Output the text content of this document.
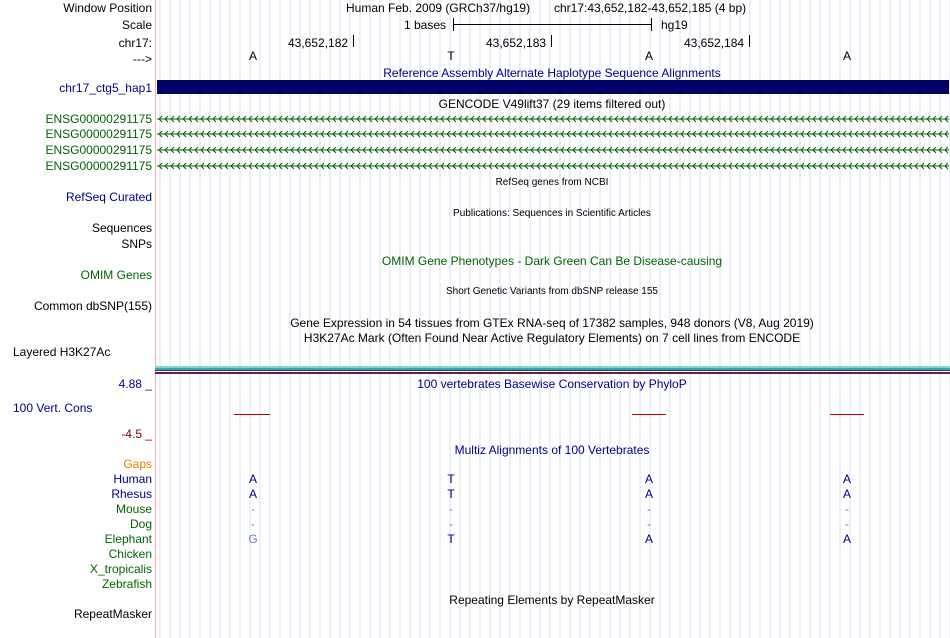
Window Position	Human Feb. 2009 (GRCh37/hg19) chr17:43,652,182-43,652,185 (4 bp)
Scale	1 bases	hg19
chr17:	43,652,182	43,652,183	43,652,184
--->	A	T	A	A
Reference Assembly Alternate Haplotype Sequence Alignments
chr17_ctg5_hap1
GENCODE V49lift37 (29 items filtered out)
ENSG00000291175
ENSG00000291175
ENSG00000291175
ENSG00000291175
RefSeq genes from NCBI
RefSeq Curated
Publications: Sequences in Scientific Articles
Sequences
SNPs
OMIM Gene Phenotypes - Dark Green Can Be Disease-causing
OMIM Genes
Short Genetic Variants from dbSNP release 155
Common dbSNP(155)
Gene Expression in 54 tissues from GTEx RNA-seq of 17382 samples, 948 donors (V8, Aug 2019)
H3K27Ac Mark (Often Found Near Active Regulatory Elements) on 7 cell lines from ENCODE
Layered H3K27Ac
100 vertebrates Basewise Conservation by PhyloP
4.88 _
100 Vert. Cons
-4.5 _
Multiz Alignments of 100 Vertebrates
Gaps
Human	A	T	A	A
Rhesus	A	T	A	A
Mouse	-	-	-	-
Dog	-	-	-	-
Elephant	G	T	A	A
Chicken
X_tropicalis
Zebrafish
Repeating Elements by RepeatMasker
RepeatMasker
